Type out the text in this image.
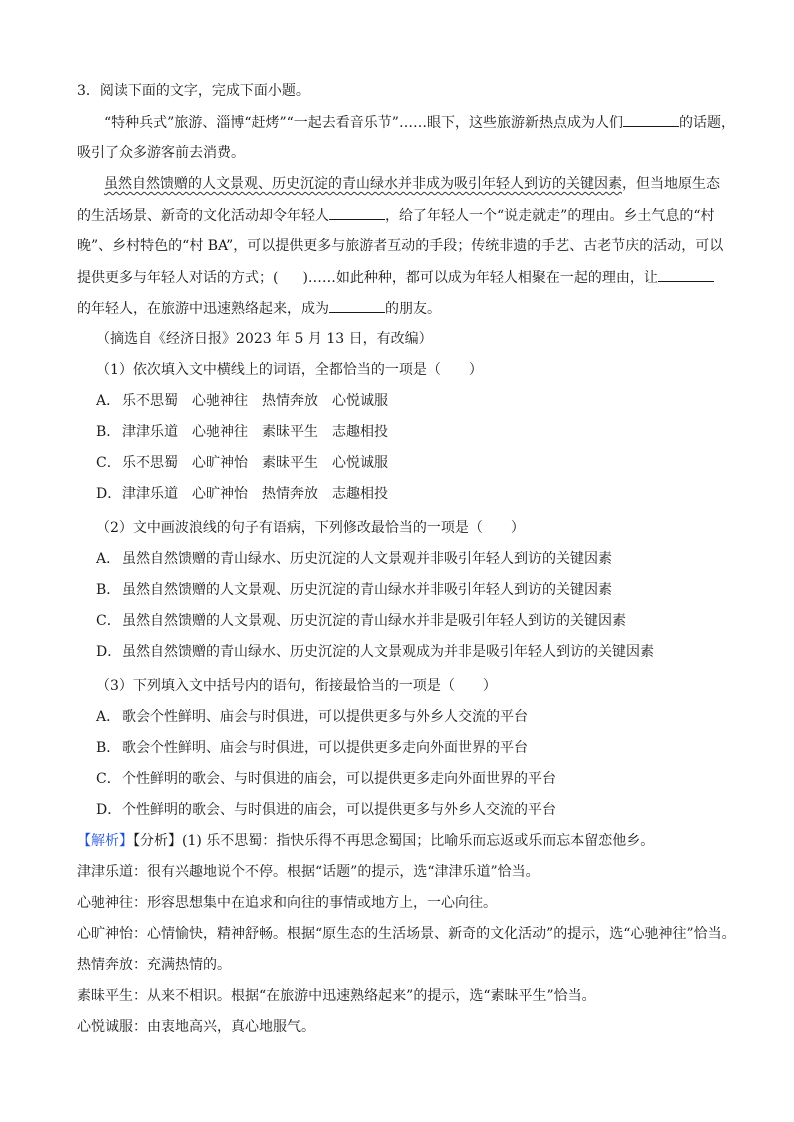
3．阅读下面的文字，完成下面小题。
“特种兵式”旅游、淄博“赶烤”“一起去看音乐节”……眼下，这些旅游新热点成为人们	的话题，
吸引了众多游客前去消费。
虽然自然馈赠的人文景观、历史沉淀的青山绿水并非成为吸引年轻人到访的关键因素，但当地原生态
的生活场景、新奇的文化活动却令年轻人	，给了年轻人一个“说走就走”的理由。乡土气息的“村
晚”、乡村特色的“村 BA”，可以提供更多与旅游者互动的手段；传统非遗的手艺、古老节庆的活动，可以
提供更多与年轻人对话的方式；( )……如此种种，都可以成为年轻人相聚在一起的理由，让
的年轻人，在旅游中迅速熟络起来，成为	的朋友。
（摘选自《经济日报》2023 年 5 月 13 日，有改编）
（1）依次填入文中横线上的词语，全都恰当的一项是（ ）
A． 乐不思蜀 心驰神往 热情奔放 心悦诚服
B． 津津乐道 心驰神往 素昧平生 志趣相投
C．乐不思蜀 心旷神怡 素昧平生 心悦诚服
D．津津乐道 心旷神怡 热情奔放 志趣相投
（2）文中画波浪线的句子有语病，下列修改最恰当的一项是（ ）
A． 虽然自然馈赠的青山绿水、历史沉淀的人文景观并非吸引年轻人到访的关键因素
B． 虽然自然馈赠的人文景观、历史沉淀的青山绿水并非吸引年轻人到访的关键因素
C．虽然自然馈赠的人文景观、历史沉淀的青山绿水并非是吸引年轻人到访的关键因素
D．虽然自然馈赠的青山绿水、历史沉淀的人文景观成为并非是吸引年轻人到访的关键因素
（3）下列填入文中括号内的语句，衔接最恰当的一项是（ ）
A． 歌会个性鲜明、庙会与时俱进，可以提供更多与外乡人交流的平台
B． 歌会个性鲜明、庙会与时俱进，可以提供更多走向外面世界的平台
C．个性鲜明的歌会、与时俱进的庙会，可以提供更多走向外面世界的平台
D．个性鲜明的歌会、与时俱进的庙会，可以提供更多与外乡人交流的平台
【解析】【分析】(1) 乐不思蜀：指快乐得不再思念蜀国；比喻乐而忘返或乐而忘本留恋他乡。
津津乐道：很有兴趣地说个不停。根据“话题”的提示，选“津津乐道”恰当。
心驰神往：形容思想集中在追求和向往的事情或地方上，一心向往。
心旷神怡：心情愉快，精神舒畅。根据“原生态的生活场景、新奇的文化活动”的提示，选“心驰神往”恰当。
热情奔放：充满热情的。
素昧平生：从来不相识。根据“在旅游中迅速熟络起来”的提示，选“素昧平生”恰当。
心悦诚服：由衷地高兴，真心地服气。
